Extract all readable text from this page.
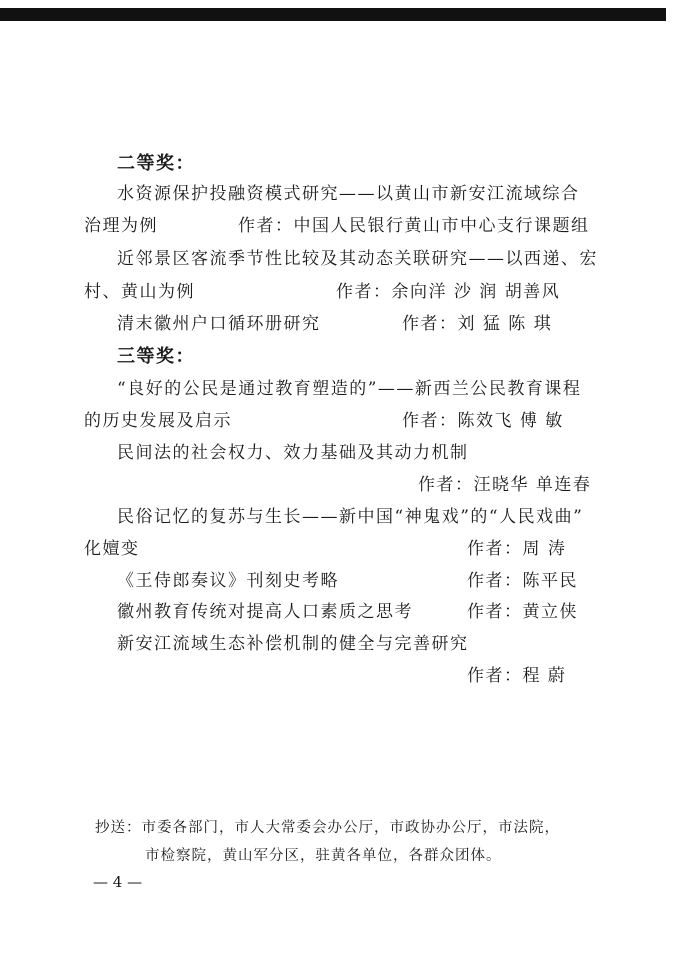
二等奖：
水资源保护投融资模式研究——以黄山市新安江流域综合
治理为例	作者：中国人民银行黄山市中心支行课题组
近邻景区客流季节性比较及其动态关联研究——以西递、宏
村、黄山为例	作者：余向洋 沙 润 胡善风
清末徽州户口循环册研究	作者：刘 猛 陈 琪
三等奖：
“良好的公民是通过教育塑造的”——新西兰公民教育课程
的历史发展及启示	作者：陈效飞 傅 敏
民间法的社会权力、效力基础及其动力机制
作者：汪晓华 单连春
民俗记忆的复苏与生长——新中国“神鬼戏”的“人民戏曲”
化嬗变	作者：周 涛
《王侍郎奏议》刊刻史考略	作者：陈平民
徽州教育传统对提高人口素质之思考	作者：黄立侠
新安江流域生态补偿机制的健全与完善研究
作者：程 蔚
抄送：市委各部门，市人大常委会办公厅，市政协办公厅，市法院，
市检察院，黄山军分区，驻黄各单位，各群众团体。
— 4 —
